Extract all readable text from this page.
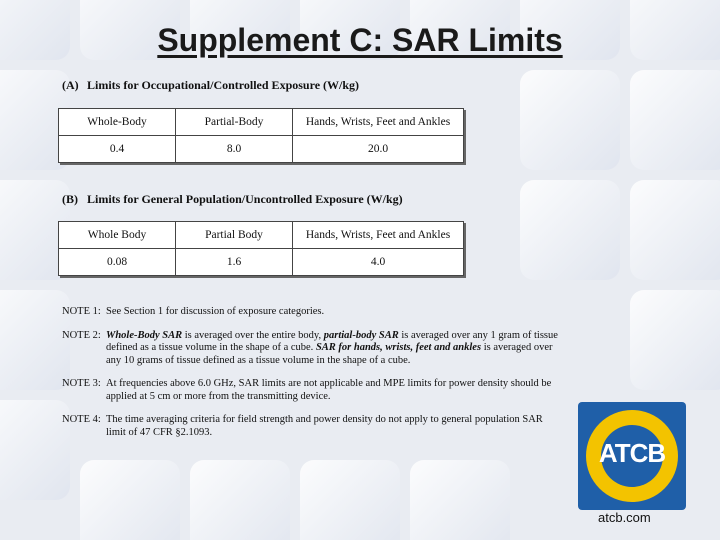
Supplement C: SAR Limits
(A) Limits for Occupational/Controlled Exposure (W/kg)
Whole-Body	Partial-Body	Hands, Wrists, Feet and Ankles
0.4	8.0	20.0
(B) Limits for General Population/Uncontrolled Exposure (W/kg)
Whole Body	Partial Body	Hands, Wrists, Feet and Ankles
0.08	1.6	4.0
NOTE 1: See Section 1 for discussion of exposure categories.
NOTE 2: Whole-Body SAR is averaged over the entire body, partial-body SAR is averaged over any 1 gram of tissue defined as a tissue volume in the shape of a cube. SAR for hands, wrists, feet and ankles is averaged over any 10 grams of tissue defined as a tissue volume in the shape of a cube.
NOTE 3: At frequencies above 6.0 GHz, SAR limits are not applicable and MPE limits for power density should be applied at 5 cm or more from the transmitting device.
NOTE 4: The time averaging criteria for field strength and power density do not apply to general population SAR limit of 47 CFR §2.1093.
ATCB
atcb.com
